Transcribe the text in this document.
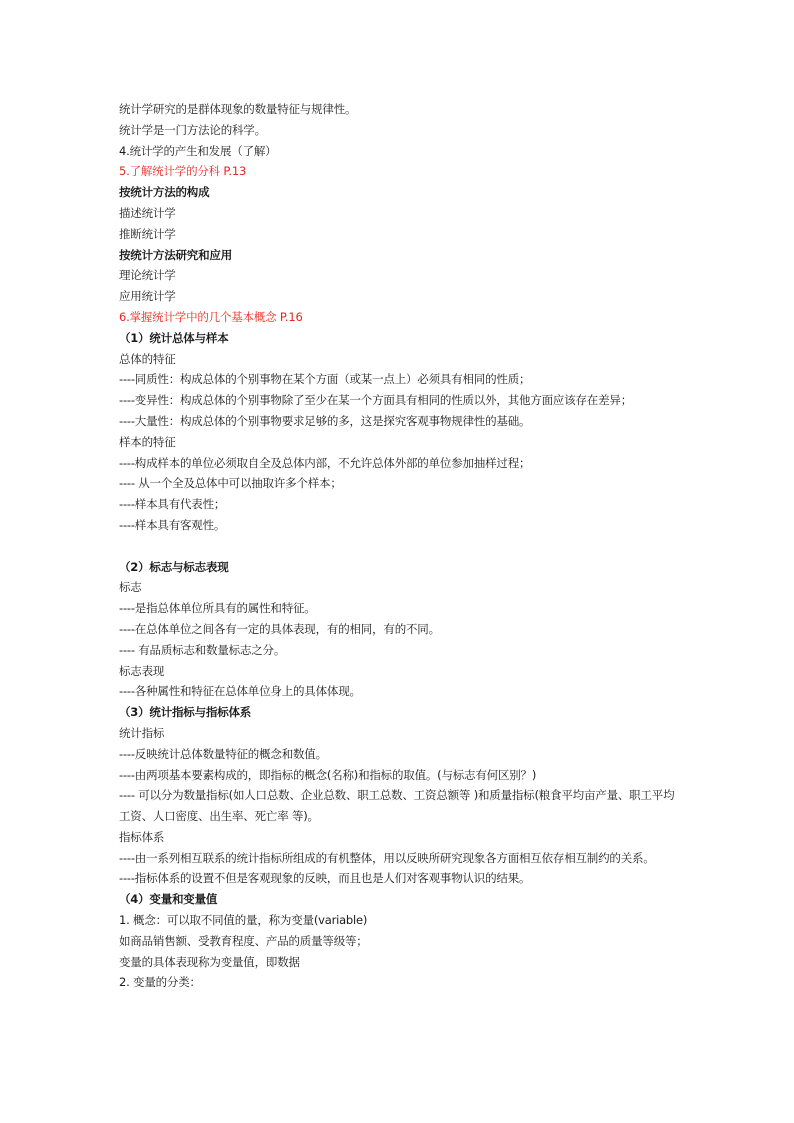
统计学研究的是群体现象的数量特征与规律性。
统计学是一门方法论的科学。
4.统计学的产生和发展（了解）
5.了解统计学的分科 P.13
按统计方法的构成
描述统计学
推断统计学
按统计方法研究和应用
理论统计学
应用统计学
6.掌握统计学中的几个基本概念 P.16
（1）统计总体与样本
总体的特征
----同质性：构成总体的个别事物在某个方面（或某一点上）必须具有相同的性质；
----变异性：构成总体的个别事物除了至少在某一个方面具有相同的性质以外，其他方面应该存在差异；
----大量性：构成总体的个别事物要求足够的多，这是探究客观事物规律性的基础。
样本的特征
----构成样本的单位必须取自全及总体内部，不允许总体外部的单位参加抽样过程；
---- 从一个全及总体中可以抽取许多个样本；
----样本具有代表性；
----样本具有客观性。
（2）标志与标志表现
标志
----是指总体单位所具有的属性和特征。
----在总体单位之间各有一定的具体表现，有的相同，有的不同。
---- 有品质标志和数量标志之分。
标志表现
----各种属性和特征在总体单位身上的具体体现。
（3）统计指标与指标体系
统计指标
----反映统计总体数量特征的概念和数值。
----由两项基本要素构成的，即指标的概念(名称)和指标的取值。(与标志有何区别？)
---- 可以分为数量指标(如人口总数、企业总数、职工总数、工资总额等 )和质量指标(粮食平均亩产量、职工平均工资、人口密度、出生率、死亡率 等)。
指标体系
----由一系列相互联系的统计指标所组成的有机整体，用以反映所研究现象各方面相互依存相互制约的关系。
----指标体系的设置不但是客观现象的反映，而且也是人们对客观事物认识的结果。
（4）变量和变量值
1. 概念：可以取不同值的量，称为变量(variable)
如商品销售额、受教育程度、产品的质量等级等；
变量的具体表现称为变量值，即数据
2. 变量的分类：
